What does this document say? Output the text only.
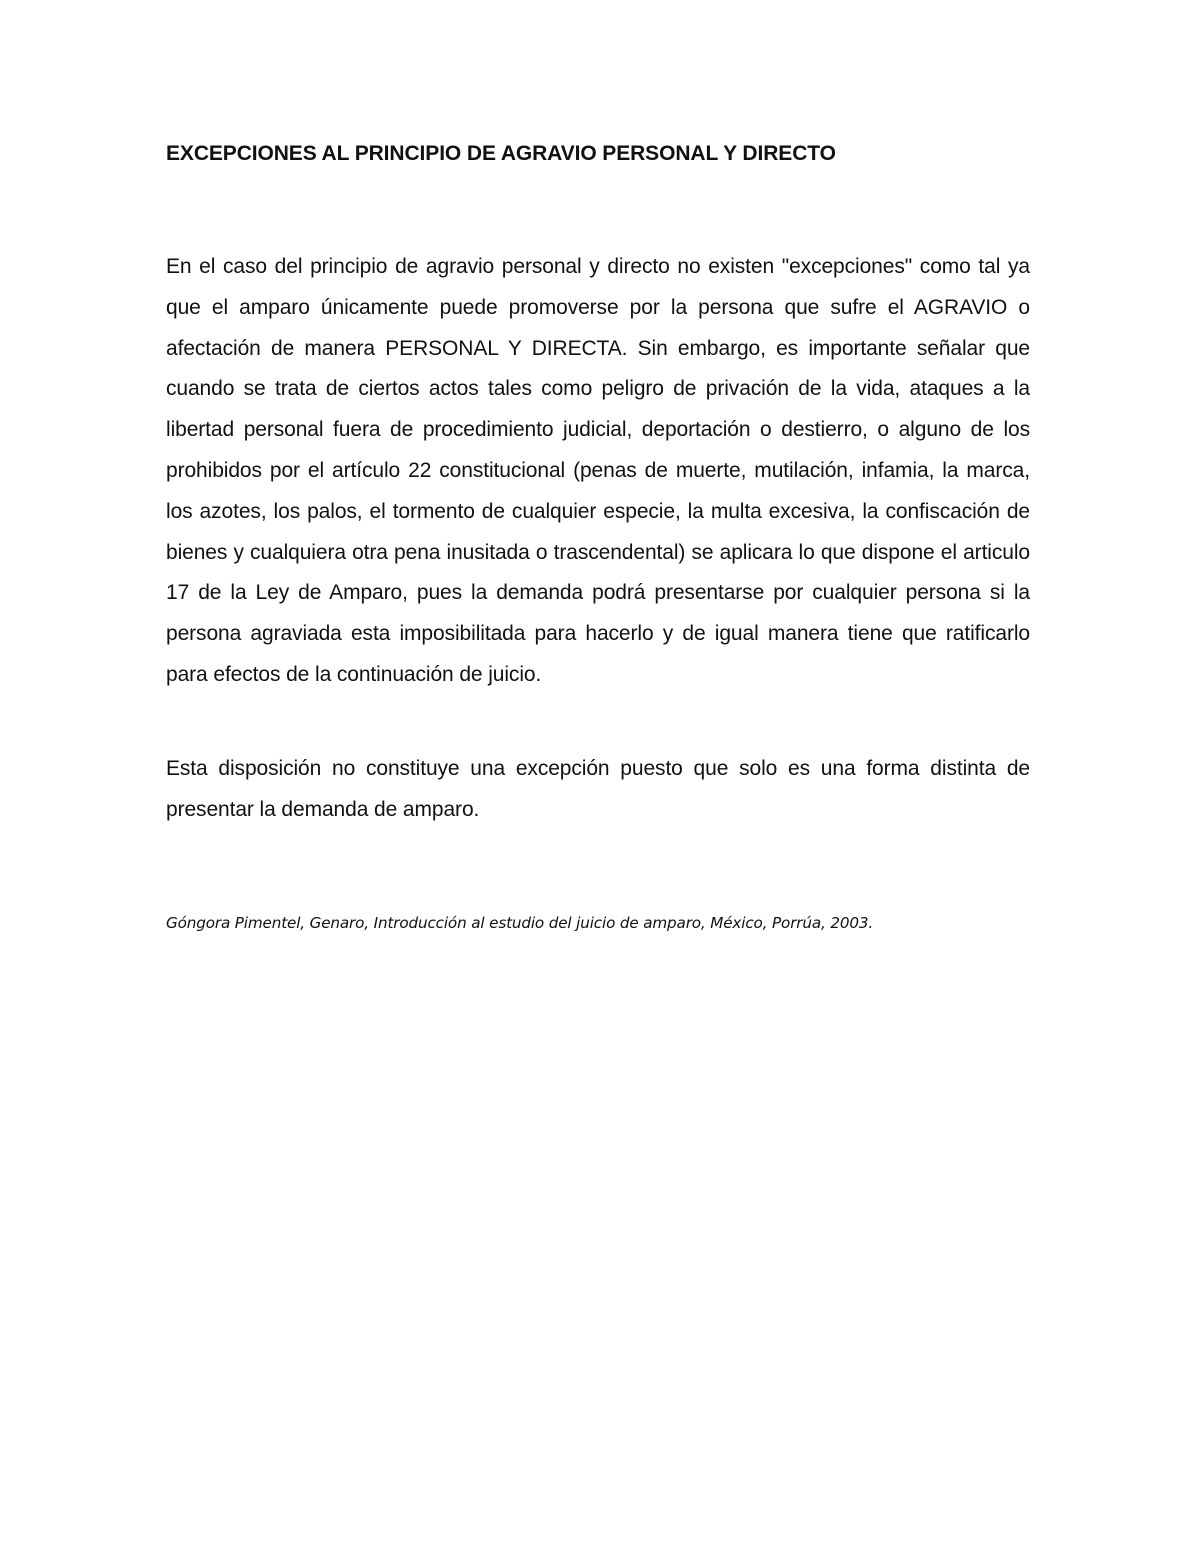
EXCEPCIONES AL PRINCIPIO DE AGRAVIO PERSONAL Y DIRECTO

En el caso del principio de agravio personal y directo no existen "excepciones" como tal ya que el amparo únicamente puede promoverse por la persona que sufre el AGRAVIO o afectación de manera PERSONAL Y DIRECTA. Sin embargo, es importante señalar que cuando se trata de ciertos actos tales como peligro de privación de la vida, ataques a la libertad personal fuera de procedimiento judicial, deportación o destierro, o alguno de los prohibidos por el artículo 22 constitucional (penas de muerte, mutilación, infamia, la marca, los azotes, los palos, el tormento de cualquier especie, la multa excesiva, la confiscación de bienes y cualquiera otra pena inusitada o trascendental) se aplicara lo que dispone el articulo 17 de la Ley de Amparo, pues la demanda podrá presentarse por cualquier persona si la persona agraviada esta imposibilitada para hacerlo y de igual manera tiene que ratificarlo para efectos de la continuación de juicio.

Esta disposición no constituye una excepción puesto que solo es una forma distinta de presentar la demanda de amparo.

Góngora Pimentel, Genaro, Introducción al estudio del juicio de amparo, México, Porrúa, 2003.
